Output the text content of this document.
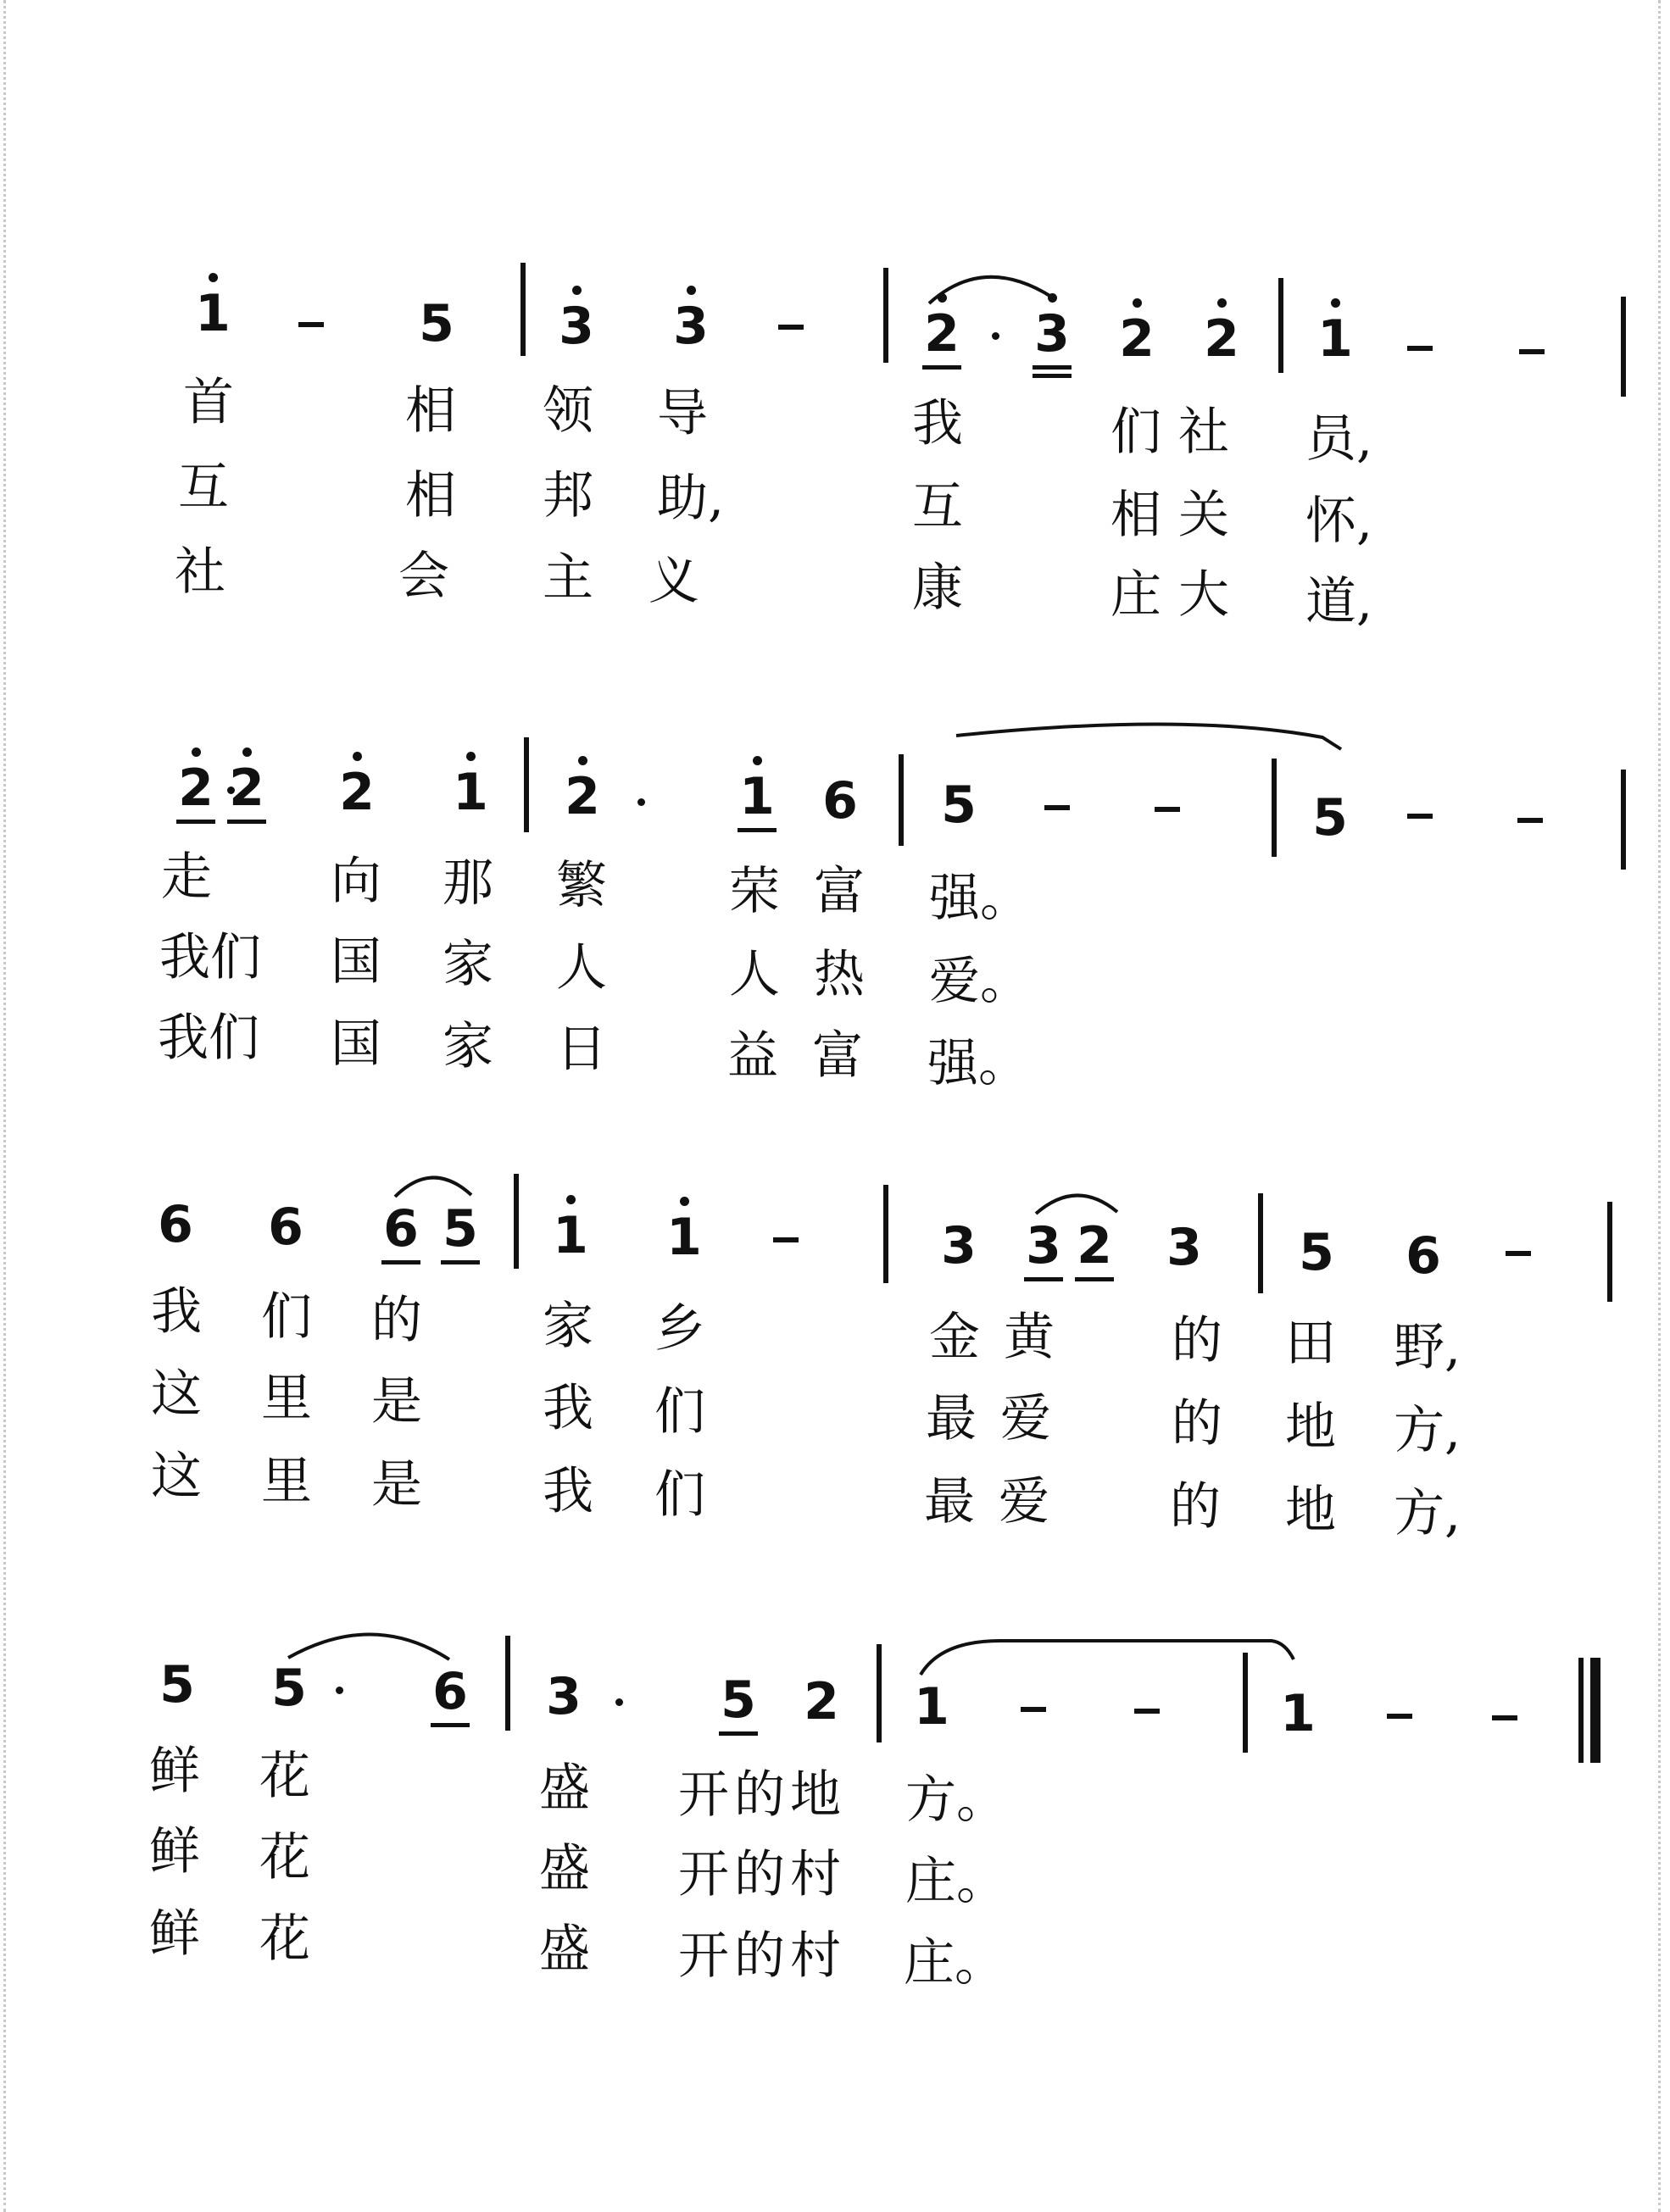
1	5 3 3	2 3 2 2 1
首	相 领 导	我	们社 员,
互	相 邦 助,	互	相关 怀,
社	会 主 义	康	庄大 道,
2 2 2 1 2	1 6 5	5
走 向 那 繁 荣富 强。
我们 国 家 人 人热 爱。
我们 国 家 日 益富 强。
6 6 6 5 1 1	3 3 2 3 5 6
我 们 的 家 乡	金黄 的 田 野,
这 里 是 我 们	最爱 的 地 方,
这 里 是 我 们	最爱 的 地 方,
5 5 6 3	5 2 1	1
鲜 花	盛 开的地 方。
鲜 花	盛 开的村 庄。
鲜 花	盛 开的村 庄。
